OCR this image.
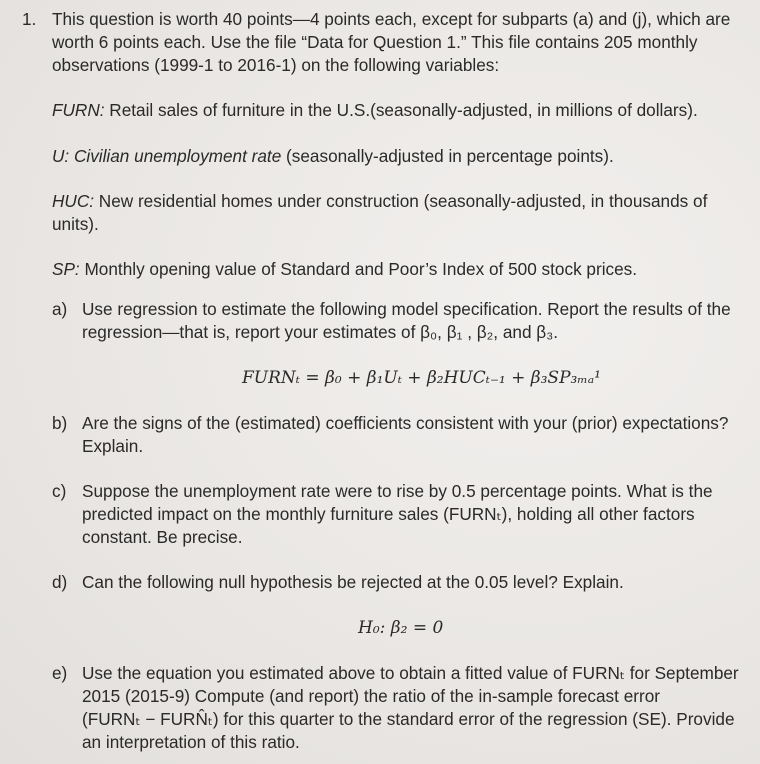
1. This question is worth 40 points—4 points each, except for subparts (a) and (j), which are
worth 6 points each. Use the file “Data for Question 1.” This file contains 205 monthly
observations (1999-1 to 2016-1) on the following variables:
FURN: Retail sales of furniture in the U.S.(seasonally-adjusted, in millions of dollars).
U: Civilian unemployment rate (seasonally-adjusted in percentage points).
HUC: New residential homes under construction (seasonally-adjusted, in thousands of
units).
SP: Monthly opening value of Standard and Poor’s Index of 500 stock prices.
a) Use regression to estimate the following model specification. Report the results of the
regression—that is, report your estimates of β₀, β₁ , β₂, and β₃.
FURNₜ = β₀ + β₁Uₜ + β₂HUCₜ₋₁ + β₃SP₃ₘₐ¹
b) Are the signs of the (estimated) coefficients consistent with your (prior) expectations?
Explain.
c) Suppose the unemployment rate were to rise by 0.5 percentage points. What is the
predicted impact on the monthly furniture sales (FURNₜ), holding all other factors
constant. Be precise.
d) Can the following null hypothesis be rejected at the 0.05 level? Explain.
H₀: β₂ = 0
e) Use the equation you estimated above to obtain a fitted value of FURNₜ for September
2015 (2015-9) Compute (and report) the ratio of the in-sample forecast error
(FURNₜ − FURN̂ₜ) for this quarter to the standard error of the regression (SE). Provide
an interpretation of this ratio.
